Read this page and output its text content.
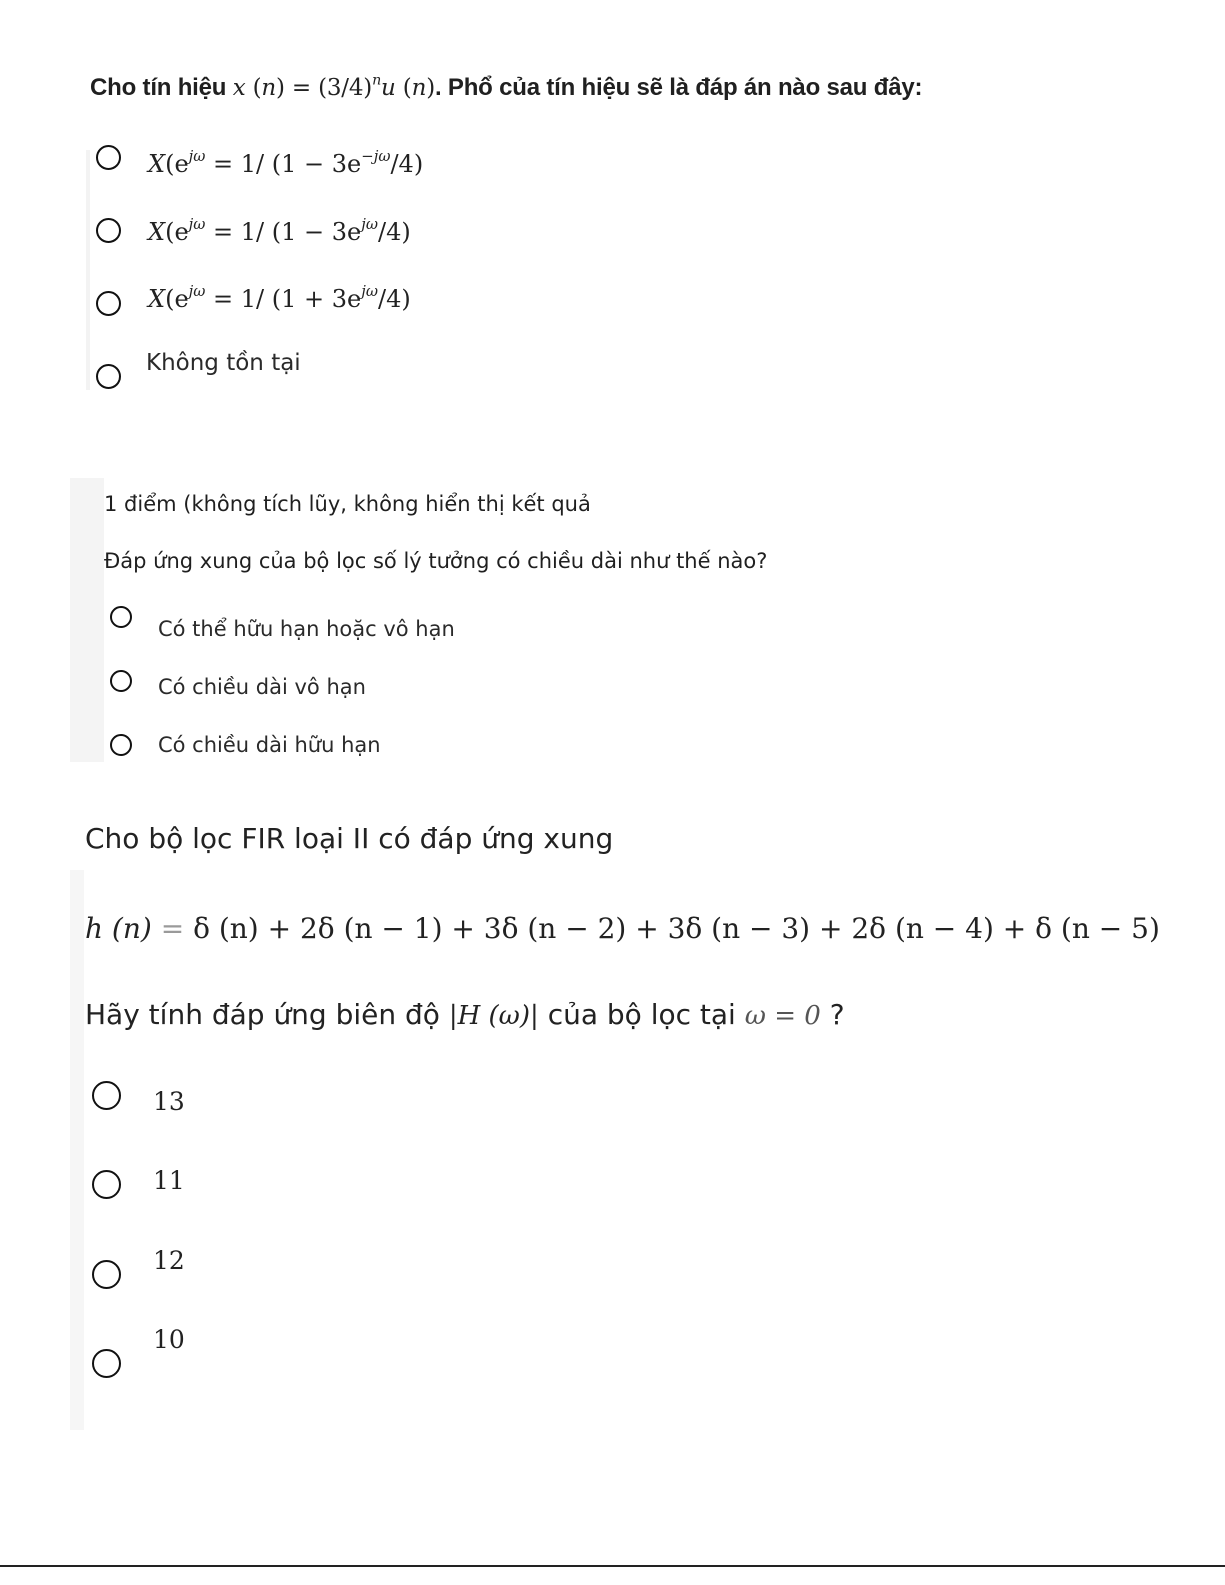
Cho tín hiệu x $(n) = (3/4)^nu$ (n). Phổ của tín hiệu sẽ là đáp án nào sau đây:
$X(e^{j\omega} = 1/$ $(1 - 3e^{-j\omega}/4)$
$X(e^{j\omega} = 1/$ $(1 - 3e^{j\omega}/4)$
$X(e^{j\omega} = 1/$ $(1 + 3e^{j\omega}/4)$
Không tồn tại
1 điểm (không tích lũy, không hiển thị kết quả
Đáp ứng xung của bộ lọc số lý tưởng có chiều dài như thế nào?
Có thể hữu hạn hoặc vô hạn
Có chiều dài vô hạn
Có chiều dài hữu hạn
Cho bộ lọc FIR loại II có đáp ứng xung
h (n) = δ (n) + 2δ (n − 1) + 3δ (n − 2) + 3δ (n − 3) + 2δ (n − 4) + δ (n − 5)
Hãy tính đáp ứng biên độ |H (ω)| của bộ lọc tại ω = 0 ?
13
11
12
10
